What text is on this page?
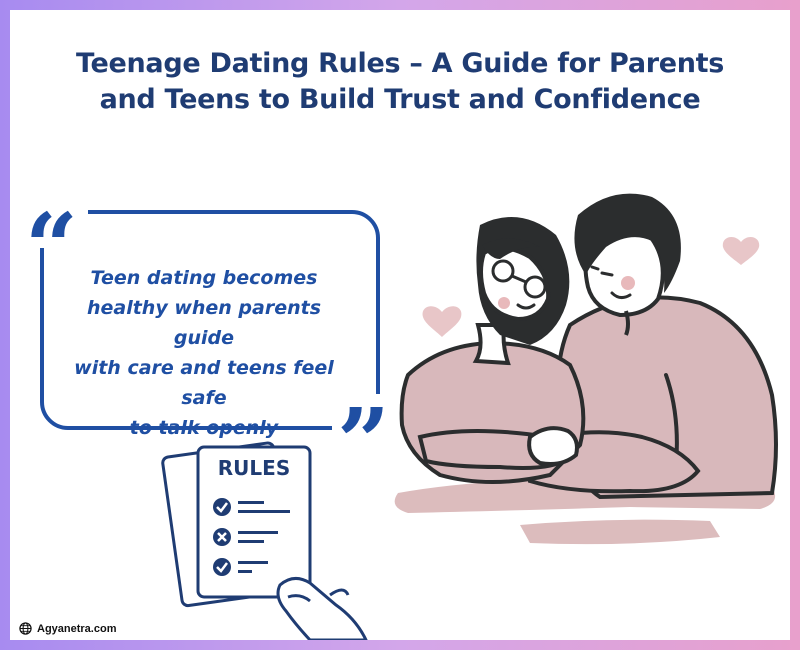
Teenage Dating Rules – A Guide for Parents
and Teens to Build Trust and Confidence
“
”
Teen dating becomes
healthy when parents guide
with care and teens feel safe
to talk openly
RULES
Agyanetra.com
